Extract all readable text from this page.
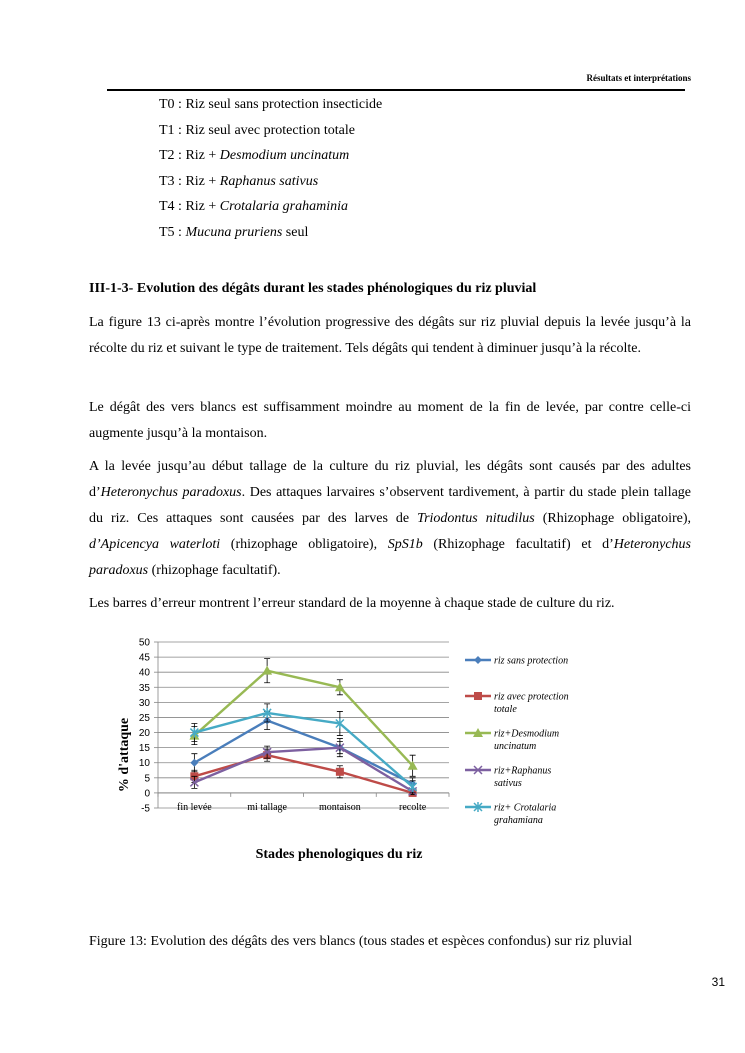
Résultats et interprétations
T0 : Riz seul sans protection insecticide
T1 : Riz seul avec protection totale
T2 : Riz + Desmodium uncinatum
T3 : Riz + Raphanus sativus
T4 : Riz + Crotalaria grahaminia
T5 : Mucuna pruriens seul
III-1-3- Evolution des dégâts durant les stades phénologiques du riz pluvial
La figure 13 ci-après montre l’évolution progressive des dégâts sur riz pluvial depuis la levée jusqu’à la récolte du riz et suivant le type de traitement. Tels dégâts qui tendent à diminuer jusqu’à la récolte.
Le dégât des vers blancs est suffisamment moindre au moment de la fin de levée, par contre celle-ci augmente jusqu’à la montaison.
A la levée jusqu’au début tallage de la culture du riz pluvial, les dégâts sont causés par des adultes d’Heteronychus paradoxus. Des attaques larvaires s’observent tardivement, à partir du stade plein tallage du riz. Ces attaques sont causées par des larves de Triodontus nitudilus (Rhizophage obligatoire), d’Apicencya waterloti (rhizophage obligatoire), SpS1b (Rhizophage facultatif) et d’Heteronychus paradoxus (rhizophage facultatif).
Les barres d’erreur montrent l’erreur standard de la moyenne à chaque stade de culture du riz.
50
45
40
35
30
25
20
15
10
5
0
-5	fin levée	mi tallage	montaison	recolte
riz sans protection
riz avec protection
totale
riz+Desmodium
uncinatum
riz+Raphanus
sativus
riz+ Crotalaria
grahamiana
% d'attaque
Stades phenologiques du riz
Figure 13: Evolution des dégâts des vers blancs (tous stades et espèces confondus) sur riz pluvial
31
